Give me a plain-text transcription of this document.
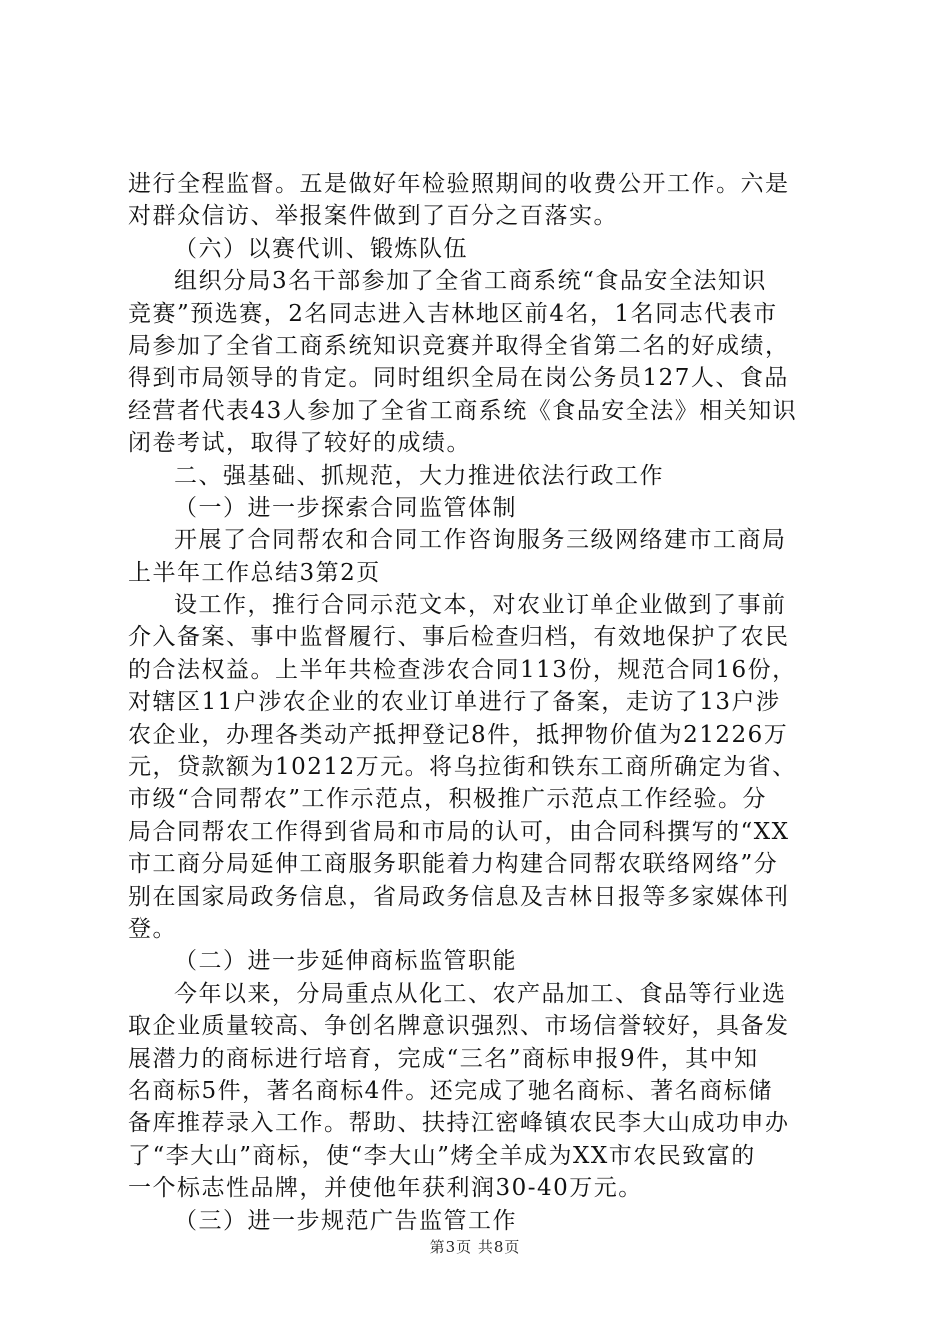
进行全程监督。五是做好年检验照期间的收费公开工作。六是
对群众信访、举报案件做到了百分之百落实。
（六）以赛代训、锻炼队伍
组织分局3名干部参加了全省工商系统“食品安全法知识
竞赛”预选赛，2名同志进入吉林地区前4名，1名同志代表市
局参加了全省工商系统知识竞赛并取得全省第二名的好成绩，
得到市局领导的肯定。同时组织全局在岗公务员127人、食品
经营者代表43人参加了全省工商系统《食品安全法》相关知识
闭卷考试，取得了较好的成绩。
二、强基础、抓规范，大力推进依法行政工作
（一）进一步探索合同监管体制
开展了合同帮农和合同工作咨询服务三级网络建市工商局
上半年工作总结3第2页
设工作，推行合同示范文本，对农业订单企业做到了事前
介入备案、事中监督履行、事后检查归档，有效地保护了农民
的合法权益。上半年共检查涉农合同113份，规范合同16份，
对辖区11户涉农企业的农业订单进行了备案，走访了13户涉
农企业，办理各类动产抵押登记8件，抵押物价值为21226万
元，贷款额为10212万元。将乌拉街和铁东工商所确定为省、
市级“合同帮农”工作示范点，积极推广示范点工作经验。分
局合同帮农工作得到省局和市局的认可，由合同科撰写的“XX
市工商分局延伸工商服务职能着力构建合同帮农联络网络”分
别在国家局政务信息，省局政务信息及吉林日报等多家媒体刊
登。
（二）进一步延伸商标监管职能
今年以来，分局重点从化工、农产品加工、食品等行业选
取企业质量较高、争创名牌意识强烈、市场信誉较好，具备发
展潜力的商标进行培育，完成“三名”商标申报9件，其中知
名商标5件，著名商标4件。还完成了驰名商标、著名商标储
备库推荐录入工作。帮助、扶持江密峰镇农民李大山成功申办
了“李大山”商标，使“李大山”烤全羊成为XX市农民致富的
一个标志性品牌，并使他年获利润30-40万元。
（三）进一步规范广告监管工作
第3页 共8页
